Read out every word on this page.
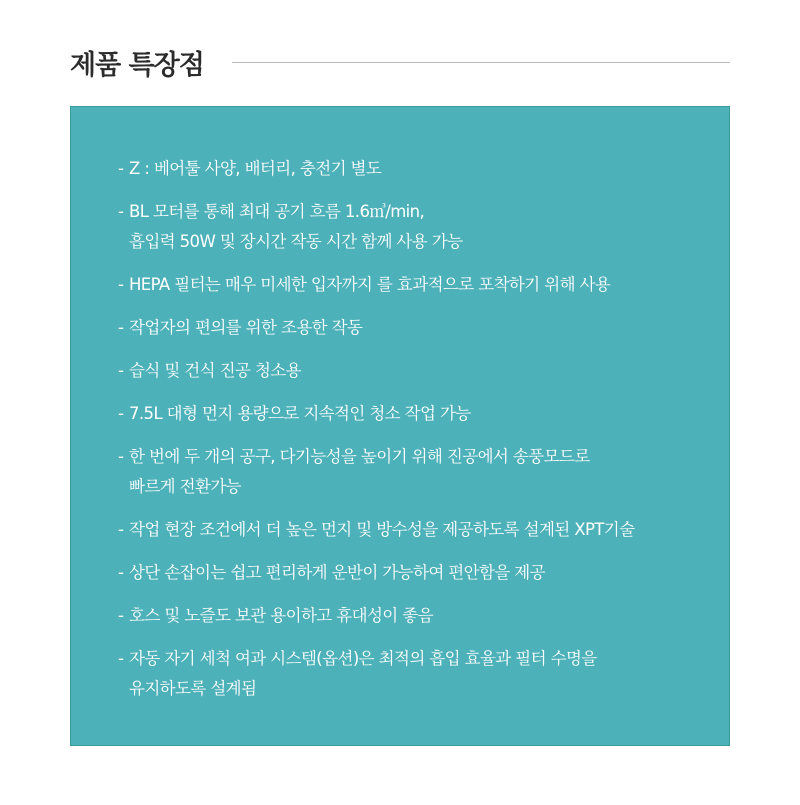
제품 특장점
- Z : 베어툴 사양, 배터리, 충전기 별도
- BL 모터를 통해 최대 공기 흐름 1.6㎥/min,
흡입력 50W 및 장시간 작동 시간 함께 사용 가능
- HEPA 필터는 매우 미세한 입자까지 를 효과적으로 포착하기 위해 사용
- 작업자의 편의를 위한 조용한 작동
- 습식 및 건식 진공 청소용
- 7.5L 대형 먼지 용량으로 지속적인 청소 작업 가능
- 한 번에 두 개의 공구, 다기능성을 높이기 위해 진공에서 송풍모드로
빠르게 전환가능
- 작업 현장 조건에서 더 높은 먼지 및 방수성을 제공하도록 설계된 XPT기술
- 상단 손잡이는 쉽고 편리하게 운반이 가능하여 편안함을 제공
- 호스 및 노즐도 보관 용이하고 휴대성이 좋음
- 자동 자기 세척 여과 시스템(옵션)은 최적의 흡입 효율과 필터 수명을
유지하도록 설계됨
